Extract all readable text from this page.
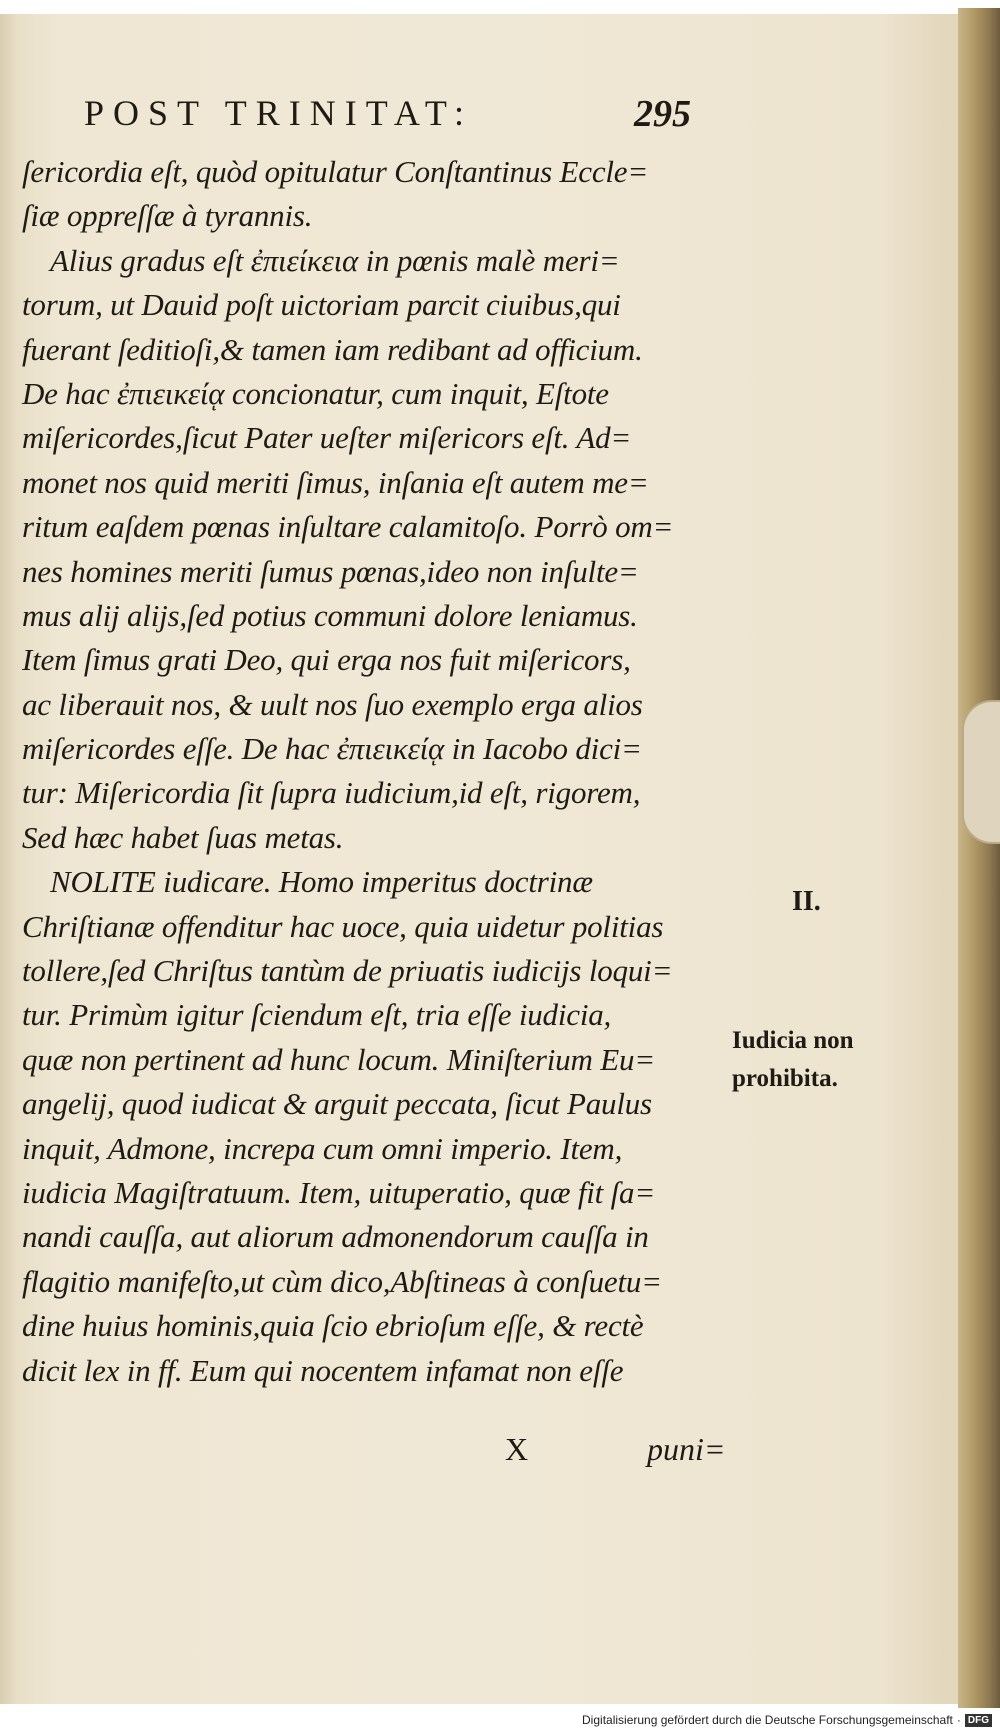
POST TRINITAT:	295
ſericordia eſt, quòd opitulatur Conſtantinus Eccle=
ſiæ oppreſſæ à tyrannis.
Alius gradus eſt ἐπιείκεια in pœnis malè meri=
torum, ut Dauid poſt uictoriam parcit ciuibus,qui
fuerant ſeditioſi,& tamen iam redibant ad officium.
De hac ἐπιεικείᾳ concionatur, cum inquit, Eſtote
miſericordes,ſicut Pater ueſter miſericors eſt. Ad=
monet nos quid meriti ſimus, inſania eſt autem me=
ritum eaſdem pœnas inſultare calamitoſo. Porrò om=
nes homines meriti ſumus pœnas,ideo non inſulte=
mus alij alijs,ſed potius communi dolore leniamus.
Item ſimus grati Deo, qui erga nos fuit miſericors,
ac liberauit nos, & uult nos ſuo exemplo erga alios
miſericordes eſſe. De hac ἐπιεικείᾳ in Iacobo dici=
tur: Miſericordia ſit ſupra iudicium,id eſt, rigorem,
Sed hæc habet ſuas metas.
NOLITE iudicare. Homo imperitus doctrinæ
Chriſtianæ offenditur hac uoce, quia uidetur politias
tollere,ſed Chriſtus tantùm de priuatis iudicijs loqui=
tur. Primùm igitur ſciendum eſt, tria eſſe iudicia,
quæ non pertinent ad hunc locum. Miniſterium Eu=
angelij, quod iudicat & arguit peccata, ſicut Paulus
inquit, Admone, increpa cum omni imperio. Item,
iudicia Magiſtratuum. Item, uituperatio, quæ fit ſa=
nandi cauſſa, aut aliorum admonendorum cauſſa in
flagitio manifeſto,ut cùm dico,Abſtineas à conſuetu=
dine huius hominis,quia ſcio ebrioſum eſſe, & rectè
dicit lex in ff. Eum qui nocentem infamat non eſſe
II.
Iudicia non
prohibita.
X	puni=
Digitalisierung gefördert durch die Deutsche Forschungsgemeinschaft · DFG
